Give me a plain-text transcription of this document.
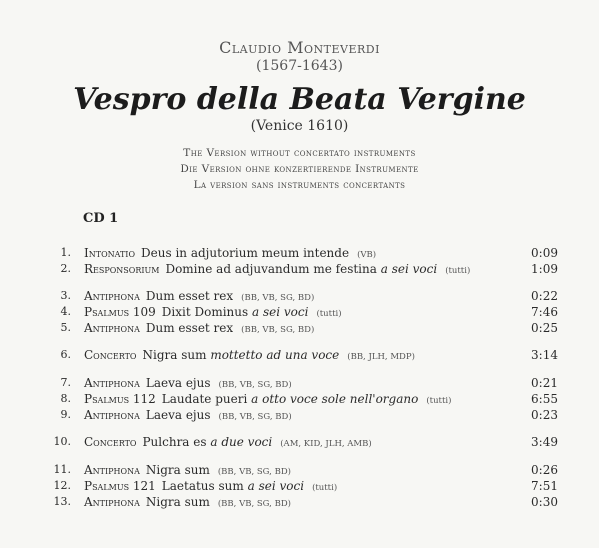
Claudio Monteverdi
(1567-1643)
Vespro della Beata Vergine
(Venice 1610)
The Version without concertato instruments
Die Version ohne konzertierende Instrumente
La version sans instruments concertants
CD 1
1. Intonatio Deus in adjutorium meum intende (VB)	0:09
2. Responsorium Domine ad adjuvandum me festina a sei voci (tutti)	1:09
3. Antiphona Dum esset rex (BB, VB, SG, BD)	0:22
4. Psalmus 109 Dixit Dominus a sei voci (tutti)	7:46
5. Antiphona Dum esset rex (BB, VB, SG, BD)	0:25
6. Concerto Nigra sum mottetto ad una voce (BB, JLH, MDP)	3:14
7. Antiphona Laeva ejus (BB, VB, SG, BD)	0:21
8. Psalmus 112 Laudate pueri a otto voce sole nell'organo (tutti)	6:55
9. Antiphona Laeva ejus (BB, VB, SG, BD)	0:23
10. Concerto Pulchra es a due voci (AM, KID, JLH, AMB)	3:49
11. Antiphona Nigra sum (BB, VB, SG, BD)	0:26
12. Psalmus 121 Laetatus sum a sei voci (tutti)	7:51
13. Antiphona Nigra sum (BB, VB, SG, BD)	0:30
